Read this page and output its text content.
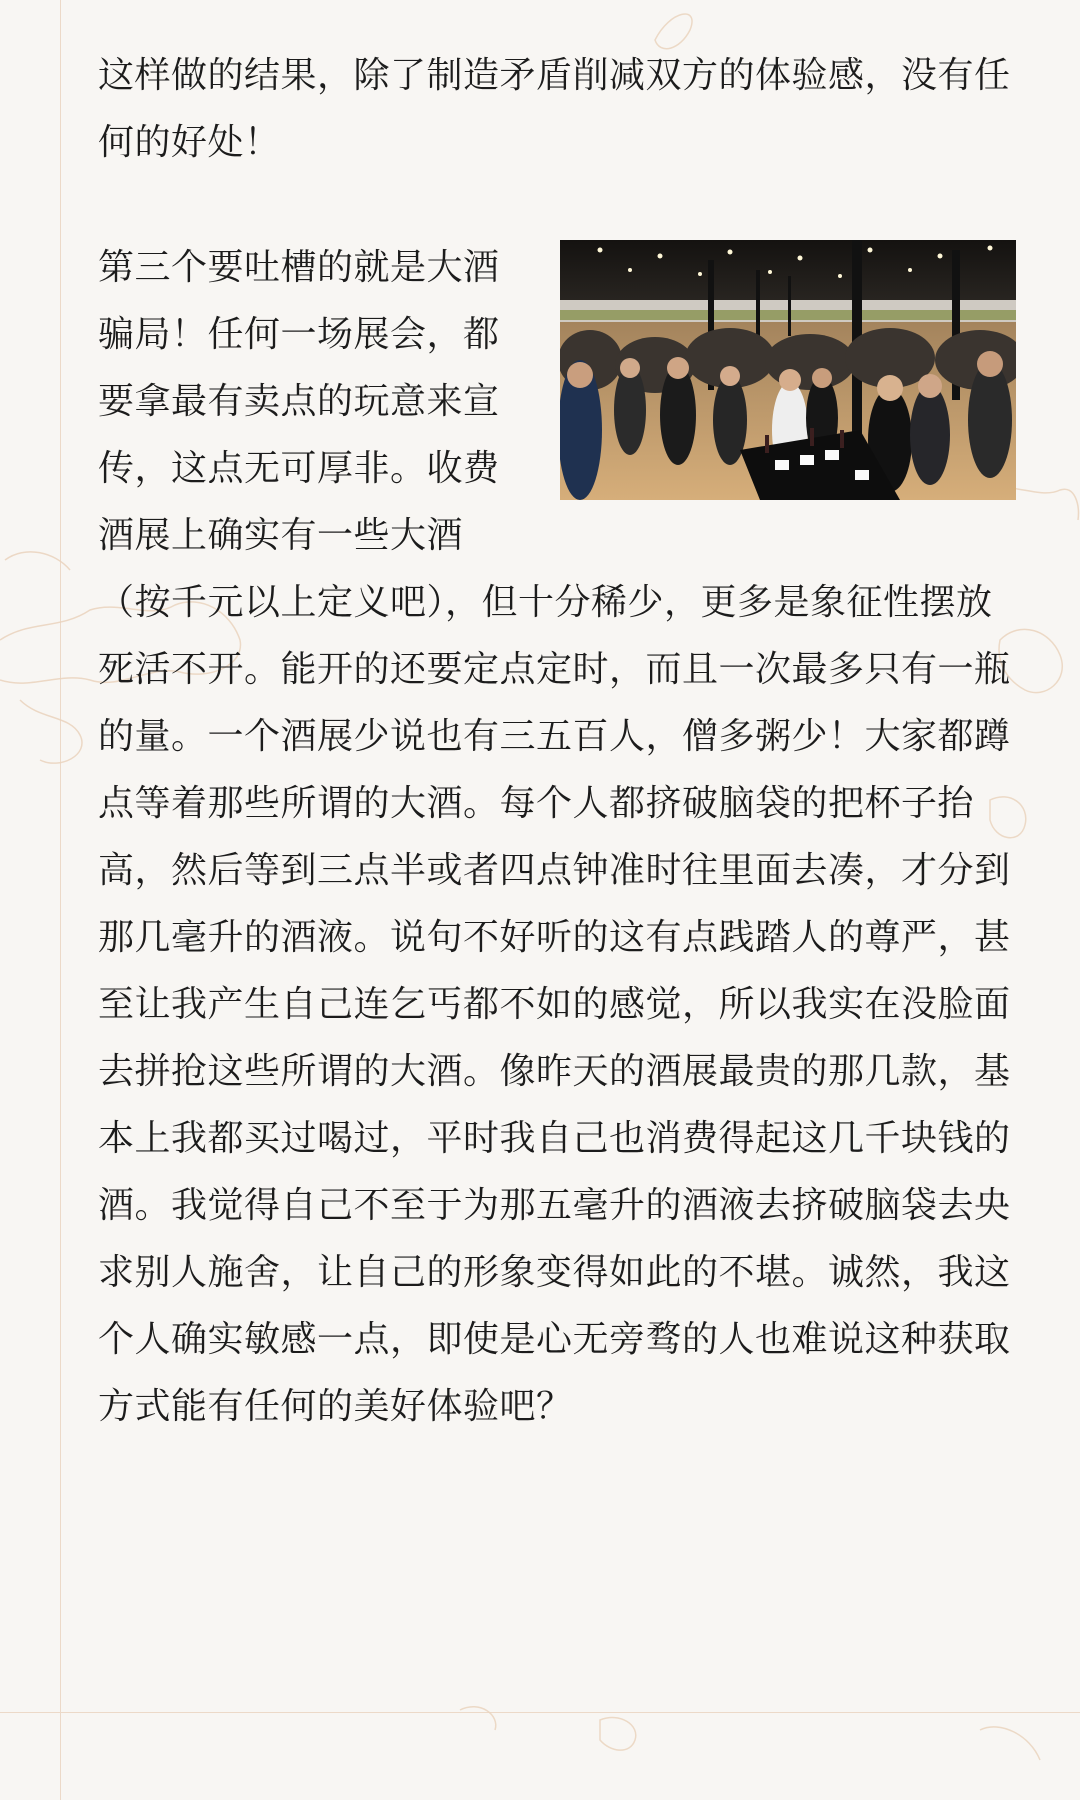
这样做的结果，除了制造矛盾削减双方的体验感，没有任何的好处！

第三个要吐槽的就是大酒骗局！任何一场展会，都要拿最有卖点的玩意来宣传，这点无可厚非。收费酒展上确实有一些大酒（按千元以上定义吧），但十分稀少，更多是象征性摆放死活不开。能开的还要定点定时，而且一次最多只有一瓶的量。一个酒展少说也有三五百人，僧多粥少！大家都蹲点等着那些所谓的大酒。每个人都挤破脑袋的把杯子抬高，然后等到三点半或者四点钟准时往里面去凑，才分到那几毫升的酒液。说句不好听的这有点践踏人的尊严，甚至让我产生自己连乞丐都不如的感觉，所以我实在没脸面去拼抢这些所谓的大酒。像昨天的酒展最贵的那几款，基本上我都买过喝过，平时我自己也消费得起这几千块钱的酒。我觉得自己不至于为那五毫升的酒液去挤破脑袋去央求别人施舍，让自己的形象变得如此的不堪。诚然，我这个人确实敏感一点，即使是心无旁骛的人也难说这种获取方式能有任何的美好体验吧？
